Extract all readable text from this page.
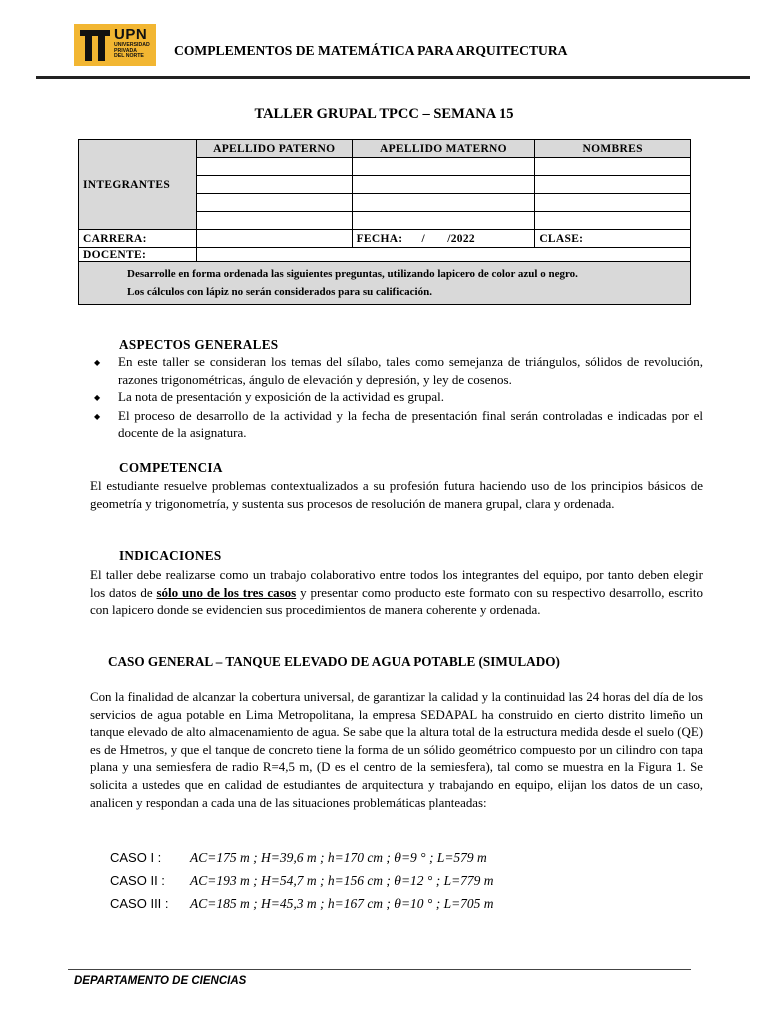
UPN
UNIVERSIDAD
PRIVADA
DEL NORTE	COMPLEMENTOS DE MATEMÁTICA PARA ARQUITECTURA
TALLER GRUPAL TPCC – SEMANA 15
INTEGRANTES	APELLIDO PATERNO	APELLIDO MATERNO	NOMBRES

CARRERA:		FECHA: / /2022	CLASE:
DOCENTE:			

Desarrolle en forma ordenada las siguientes preguntas, utilizando lapicero de color azul o negro.
Los cálculos con lápiz no serán considerados para su calificación.			
ASPECTOS GENERALES
◆	En este taller se consideran los temas del sílabo, tales como semejanza de triángulos, sólidos de revolución, razones trigonométricas, ángulo de elevación y depresión, y ley de cosenos.
◆	La nota de presentación y exposición de la actividad es grupal.
◆	El proceso de desarrollo de la actividad y la fecha de presentación final serán controladas e indicadas por el docente de la asignatura.
COMPETENCIA
El estudiante resuelve problemas contextualizados a su profesión futura haciendo uso de los principios básicos de geometría y trigonometría, y sustenta sus procesos de resolución de manera grupal, clara y ordenada.
INDICACIONES
El taller debe realizarse como un trabajo colaborativo entre todos los integrantes del equipo, por tanto deben elegir los datos de sólo uno de los tres casos y presentar como producto este formato con su respectivo desarrollo, escrito con lapicero donde se evidencien sus procedimientos de manera coherente y ordenada.
CASO GENERAL – TANQUE ELEVADO DE AGUA POTABLE (SIMULADO)
Con la finalidad de alcanzar la cobertura universal, de garantizar la calidad y la continuidad las 24 horas del día de los servicios de agua potable en Lima Metropolitana, la empresa SEDAPAL ha construido en cierto distrito limeño un tanque elevado de alto almacenamiento de agua. Se sabe que la altura total de la estructura medida desde el suelo (QE) es de Hmetros, y que el tanque de concreto tiene la forma de un sólido geométrico compuesto por un cilindro con tapa plana y una semiesfera de radio R=4,5 m, (D es el centro de la semiesfera), tal como se muestra en la Figura 1. Se solicita a ustedes que en calidad de estudiantes de arquitectura y trabajando en equipo, elijan los datos de un caso, analicen y respondan a cada una de las situaciones problemáticas planteadas:
CASO I :	AC=175 m ; H=39,6 m ; h=170 cm ; θ=9 ° ; L=579 m
CASO II :	AC=193 m ; H=54,7 m ; h=156 cm ; θ=12 ° ; L=779 m
CASO III :	AC=185 m ; H=45,3 m ; h=167 cm ; θ=10 ° ; L=705 m
DEPARTAMENTO DE CIENCIAS
